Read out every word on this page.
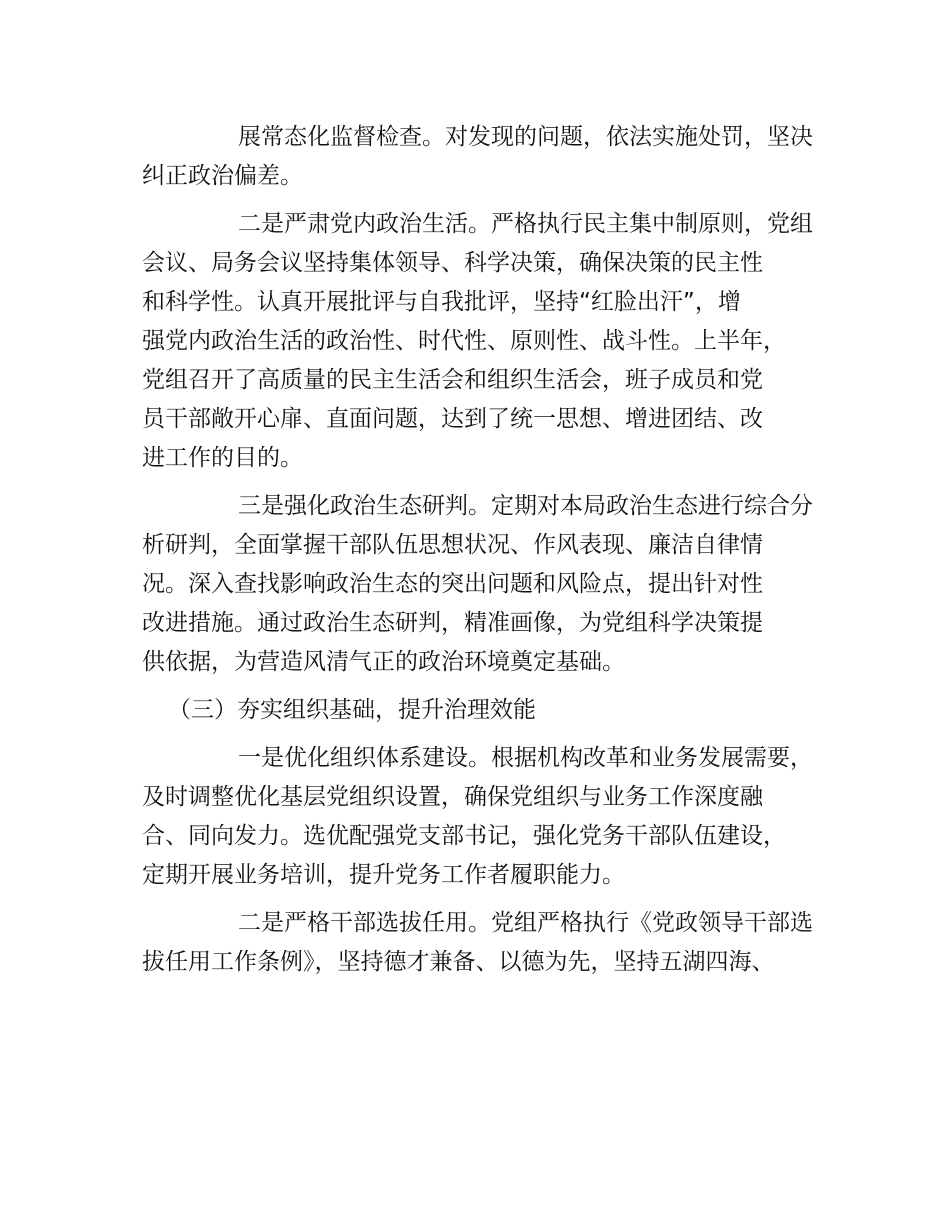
展常态化监督检查。对发现的问题，依法实施处罚，坚决
纠正政治偏差。
二是严肃党内政治生活。严格执行民主集中制原则，党组
会议、局务会议坚持集体领导、科学决策，确保决策的民主性
和科学性。认真开展批评与自我批评，坚持“红脸出汗”，增
强党内政治生活的政治性、时代性、原则性、战斗性。上半年，
党组召开了高质量的民主生活会和组织生活会，班子成员和党
员干部敞开心扉、直面问题，达到了统一思想、增进团结、改
进工作的目的。
三是强化政治生态研判。定期对本局政治生态进行综合分
析研判，全面掌握干部队伍思想状况、作风表现、廉洁自律情
况。深入查找影响政治生态的突出问题和风险点，提出针对性
改进措施。通过政治生态研判，精准画像，为党组科学决策提
供依据，为营造风清气正的政治环境奠定基础。
（三）夯实组织基础，提升治理效能
一是优化组织体系建设。根据机构改革和业务发展需要，
及时调整优化基层党组织设置，确保党组织与业务工作深度融
合、同向发力。选优配强党支部书记，强化党务干部队伍建设，
定期开展业务培训，提升党务工作者履职能力。
二是严格干部选拔任用。党组严格执行《党政领导干部选
拔任用工作条例》，坚持德才兼备、以德为先，坚持五湖四海、
